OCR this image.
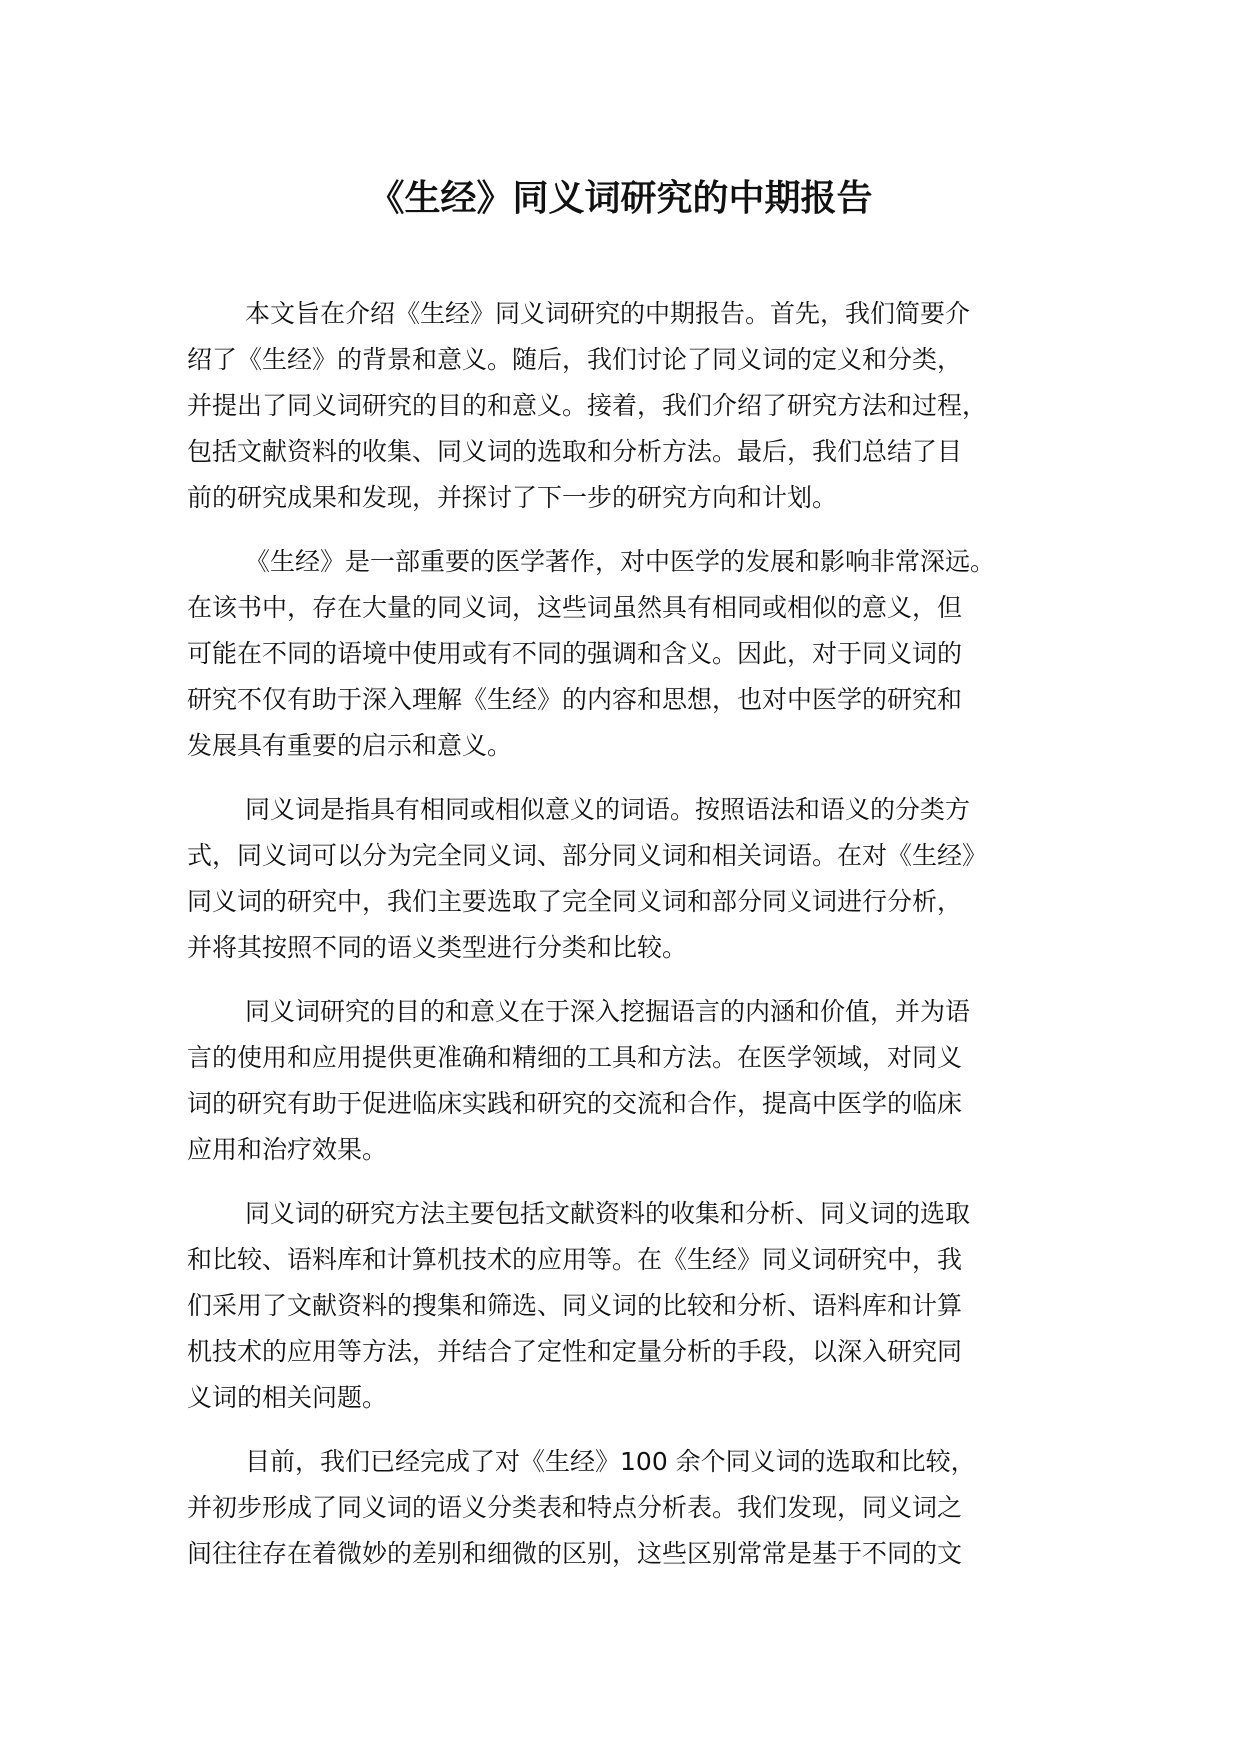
《生经》同义词研究的中期报告
本文旨在介绍《生经》同义词研究的中期报告。首先，我们简要介
绍了《生经》的背景和意义。随后，我们讨论了同义词的定义和分类，
并提出了同义词研究的目的和意义。接着，我们介绍了研究方法和过程，
包括文献资料的收集、同义词的选取和分析方法。最后，我们总结了目
前的研究成果和发现，并探讨了下一步的研究方向和计划。
《生经》是一部重要的医学著作，对中医学的发展和影响非常深远。
在该书中，存在大量的同义词，这些词虽然具有相同或相似的意义，但
可能在不同的语境中使用或有不同的强调和含义。因此，对于同义词的
研究不仅有助于深入理解《生经》的内容和思想，也对中医学的研究和
发展具有重要的启示和意义。
同义词是指具有相同或相似意义的词语。按照语法和语义的分类方
式，同义词可以分为完全同义词、部分同义词和相关词语。在对《生经》
同义词的研究中，我们主要选取了完全同义词和部分同义词进行分析，
并将其按照不同的语义类型进行分类和比较。
同义词研究的目的和意义在于深入挖掘语言的内涵和价值，并为语
言的使用和应用提供更准确和精细的工具和方法。在医学领域，对同义
词的研究有助于促进临床实践和研究的交流和合作，提高中医学的临床
应用和治疗效果。
同义词的研究方法主要包括文献资料的收集和分析、同义词的选取
和比较、语料库和计算机技术的应用等。在《生经》同义词研究中，我
们采用了文献资料的搜集和筛选、同义词的比较和分析、语料库和计算
机技术的应用等方法，并结合了定性和定量分析的手段，以深入研究同
义词的相关问题。
目前，我们已经完成了对《生经》100 余个同义词的选取和比较，
并初步形成了同义词的语义分类表和特点分析表。我们发现，同义词之
间往往存在着微妙的差别和细微的区别，这些区别常常是基于不同的文
